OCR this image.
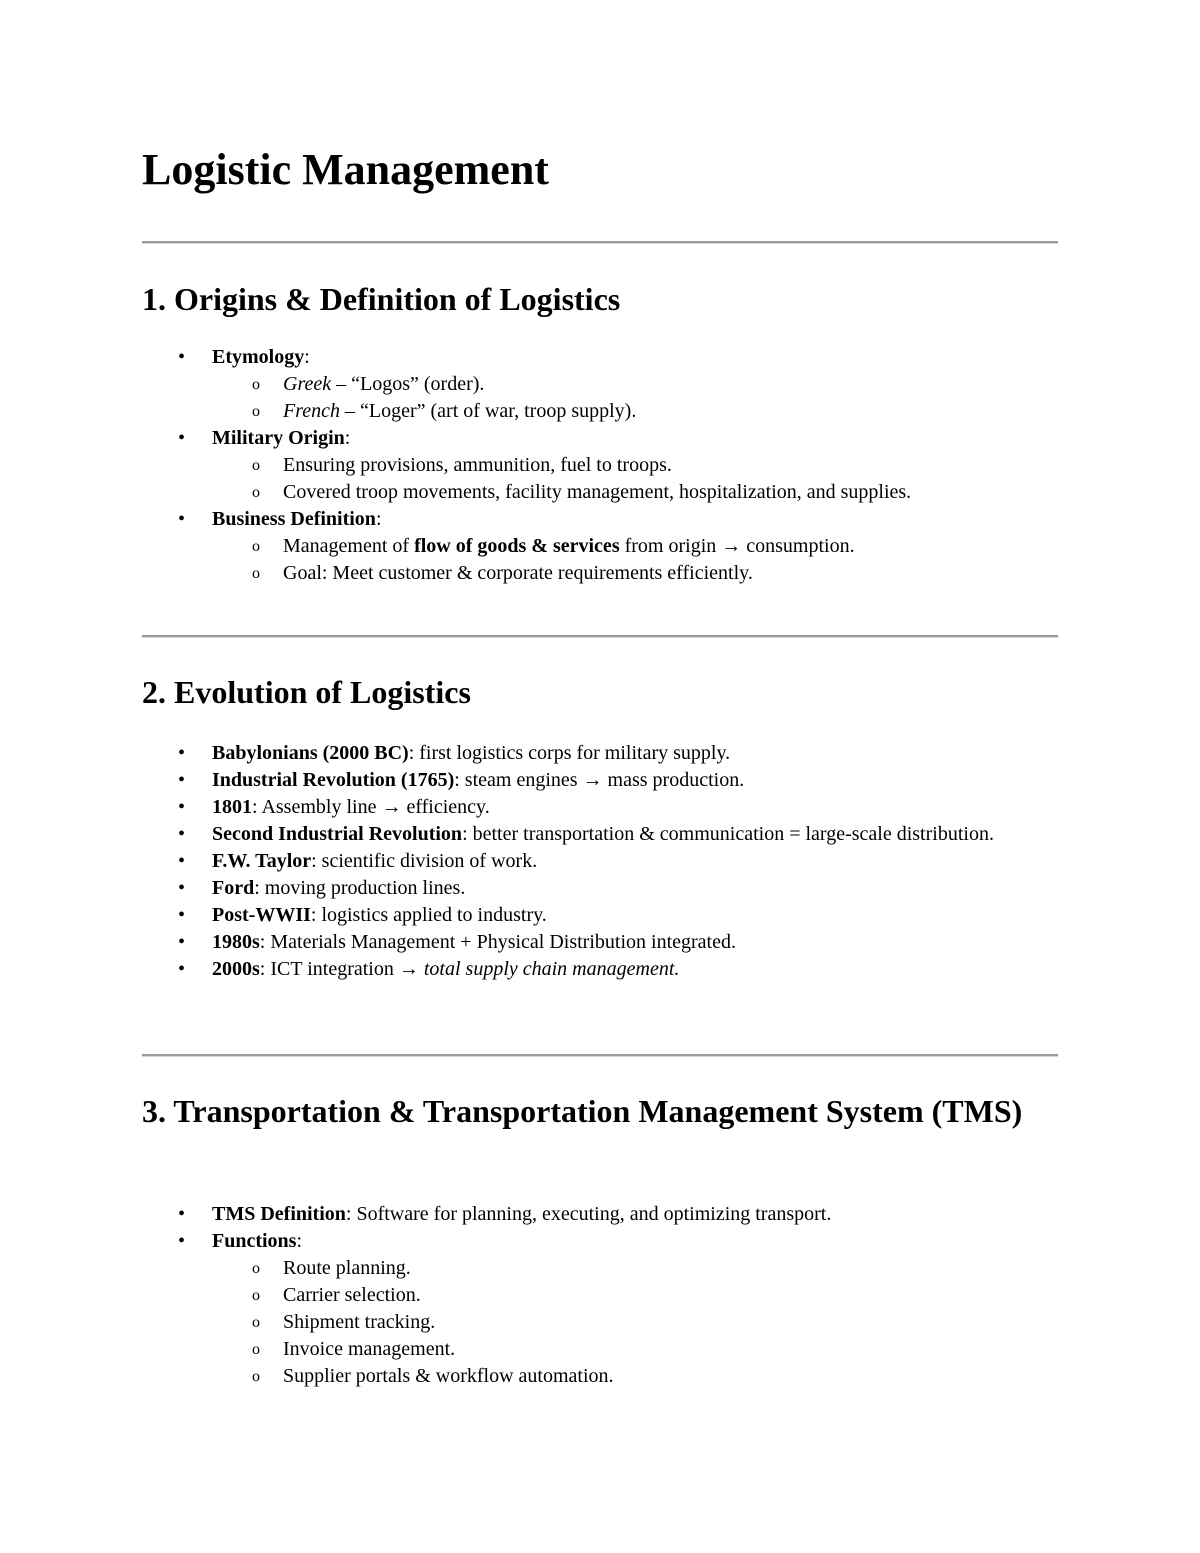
Logistic Management
1. Origins & Definition of Logistics
• Etymology:
o Greek – “Logos” (order).
o French – “Loger” (art of war, troop supply).
• Military Origin:
o Ensuring provisions, ammunition, fuel to troops.
o Covered troop movements, facility management, hospitalization, and supplies.
• Business Definition:
o Management of flow of goods & services from origin → consumption.
o Goal: Meet customer & corporate requirements efficiently.
2. Evolution of Logistics
• Babylonians (2000 BC): first logistics corps for military supply.
• Industrial Revolution (1765): steam engines → mass production.
• 1801: Assembly line → efficiency.
• Second Industrial Revolution: better transportation & communication = large-scale distribution.
• F.W. Taylor: scientific division of work.
• Ford: moving production lines.
• Post-WWII: logistics applied to industry.
• 1980s: Materials Management + Physical Distribution integrated.
• 2000s: ICT integration → total supply chain management.
3. Transportation & Transportation Management System (TMS)
• TMS Definition: Software for planning, executing, and optimizing transport.
• Functions:
o Route planning.
o Carrier selection.
o Shipment tracking.
o Invoice management.
o Supplier portals & workflow automation.
